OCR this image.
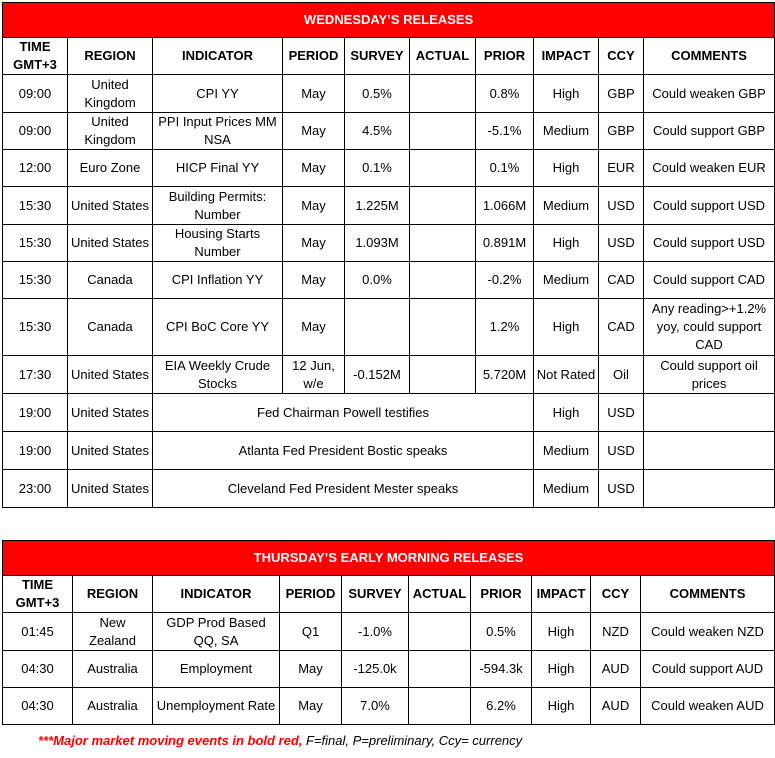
WEDNESDAY’S RELEASES									
TIME GMT+3	REGION	INDICATOR	PERIOD	SURVEY	ACTUAL	PRIOR	IMPACT	CCY	COMMENTS
09:00	United Kingdom	CPI YY	May	0.5%		0.8%	High	GBP	Could weaken GBP
09:00	United Kingdom	PPI Input Prices MM NSA	May	4.5%		-5.1%	Medium	GBP	Could support GBP
12:00	Euro Zone	HICP Final YY	May	0.1%		0.1%	High	EUR	Could weaken EUR
15:30	United States	Building Permits: Number	May	1.225M		1.066M	Medium	USD	Could support USD
15:30	United States	Housing Starts Number	May	1.093M		0.891M	High	USD	Could support USD
15:30	Canada	CPI Inflation YY	May	0.0%		-0.2%	Medium	CAD	Could support CAD
15:30	Canada	CPI BoC Core YY	May			1.2%	High	CAD	Any reading>+1.2% yoy, could support CAD
17:30	United States	EIA Weekly Crude Stocks	12 Jun, w/e	-0.152M		5.720M	Not Rated	Oil	Could support oil prices
19:00	United States	Fed Chairman Powell testifies					High	USD	
19:00	United States	Atlanta Fed President Bostic speaks					Medium	USD	
23:00	United States	Cleveland Fed President Mester speaks					Medium	USD	
THURSDAY’S EARLY MORNING RELEASES									
TIME GMT+3	REGION	INDICATOR	PERIOD	SURVEY	ACTUAL	PRIOR	IMPACT	CCY	COMMENTS
01:45	New Zealand	GDP Prod Based QQ, SA	Q1	-1.0%		0.5%	High	NZD	Could weaken NZD
04:30	Australia	Employment	May	-125.0k		-594.3k	High	AUD	Could support AUD
04:30	Australia	Unemployment Rate	May	7.0%		6.2%	High	AUD	Could weaken AUD
***Major market moving events in bold red, F=final, P=preliminary, Ccy= currency
